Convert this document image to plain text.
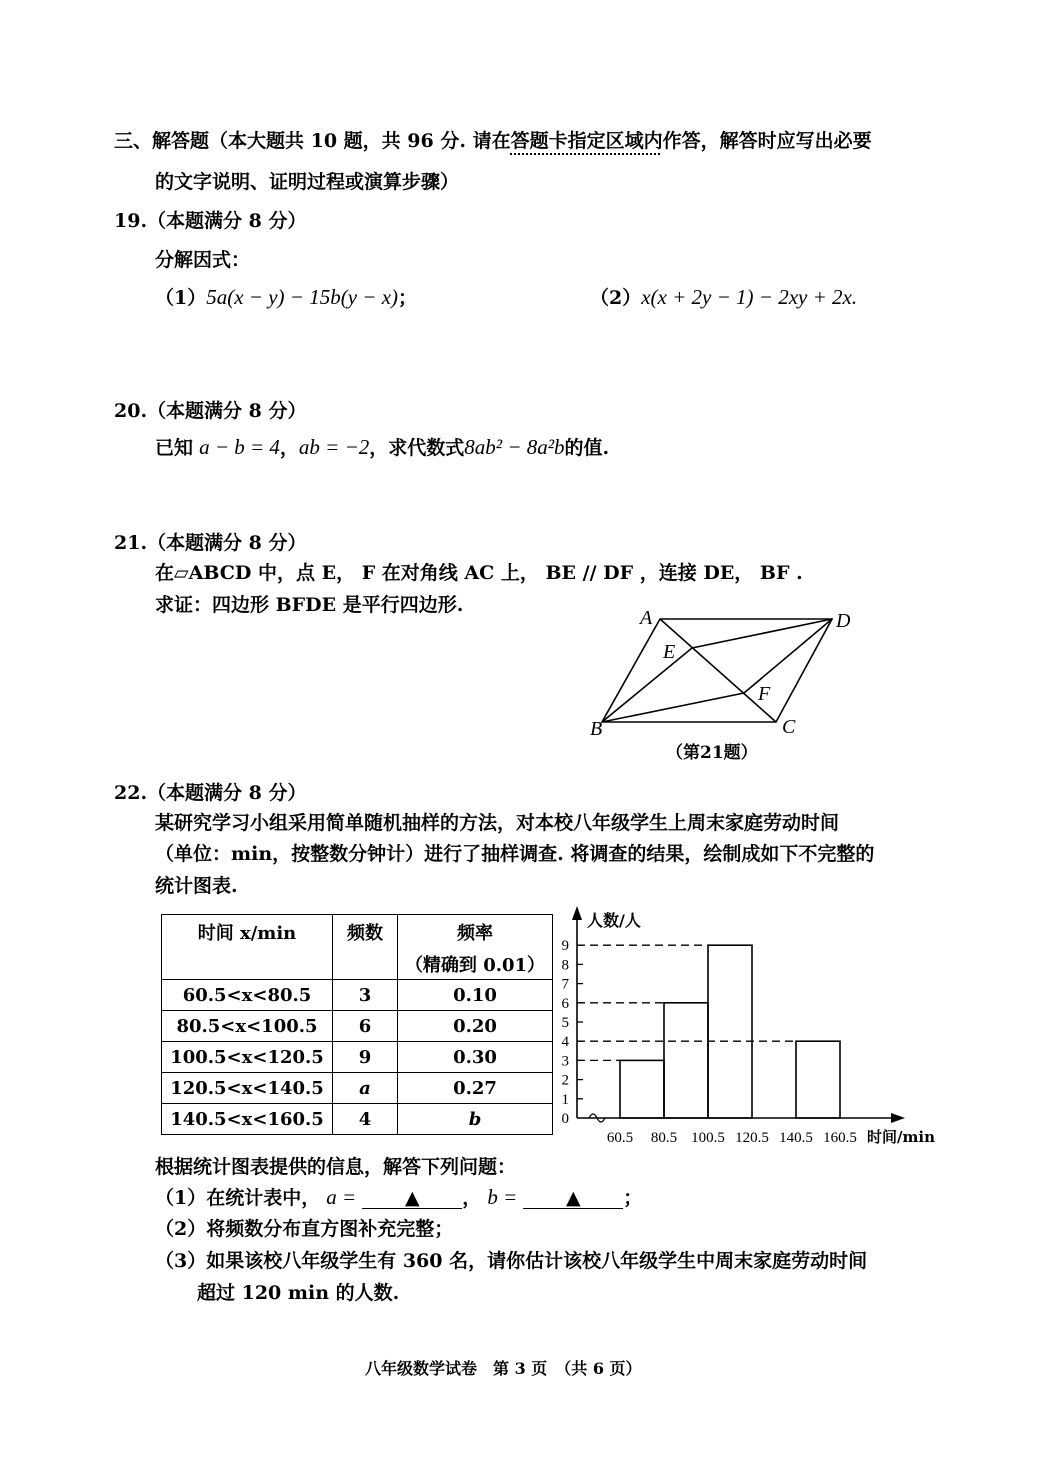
三、解答题（本大题共 10 题，共 96 分. 请在答题卡指定区域内作答，解答时应写出必要
的文字说明、证明过程或演算步骤）
19.（本题满分 8 分）
分解因式：
（1）5a(x − y) − 15b(y − x)；	（2）x(x + 2y − 1) − 2xy + 2x.
20.（本题满分 8 分）
已知 a − b = 4，ab = −2，求代数式8ab² − 8a²b的值.
21.（本题满分 8 分）
在▱ABCD 中，点 E， F 在对角线 AC 上， BE // DF ，连接 DE， BF .
求证：四边形 BFDE 是平行四边形.
A	D
E
F
B	C
（第21题）
22.（本题满分 8 分）
某研究学习小组采用简单随机抽样的方法，对本校八年级学生上周末家庭劳动时间
（单位：min，按整数分钟计）进行了抽样调查. 将调查的结果，绘制成如下不完整的
统计图表.
时间 x/min	频数	频率
（精确到 0.01）

60.5<x<80.5	3	0.10
80.5<x<100.5	6	0.20
100.5<x<120.5	9	0.30
120.5<x<140.5	a	0.27
140.5<x<160.5	4	b	0
1
2
3
4
5
6
7
8
9
60.5 80.5 100.5 120.5 140.5 160.5
人数/人
时间/min
根据统计图表提供的信息，解答下列问题：
（1）在统计表中， a =	▲ ， b =	▲ ；
（2）将频数分布直方图补充完整；
（3）如果该校八年级学生有 360 名，请你估计该校八年级学生中周末家庭劳动时间
超过 120 min 的人数.
八年级数学试卷　第 3 页　（共 6 页）
